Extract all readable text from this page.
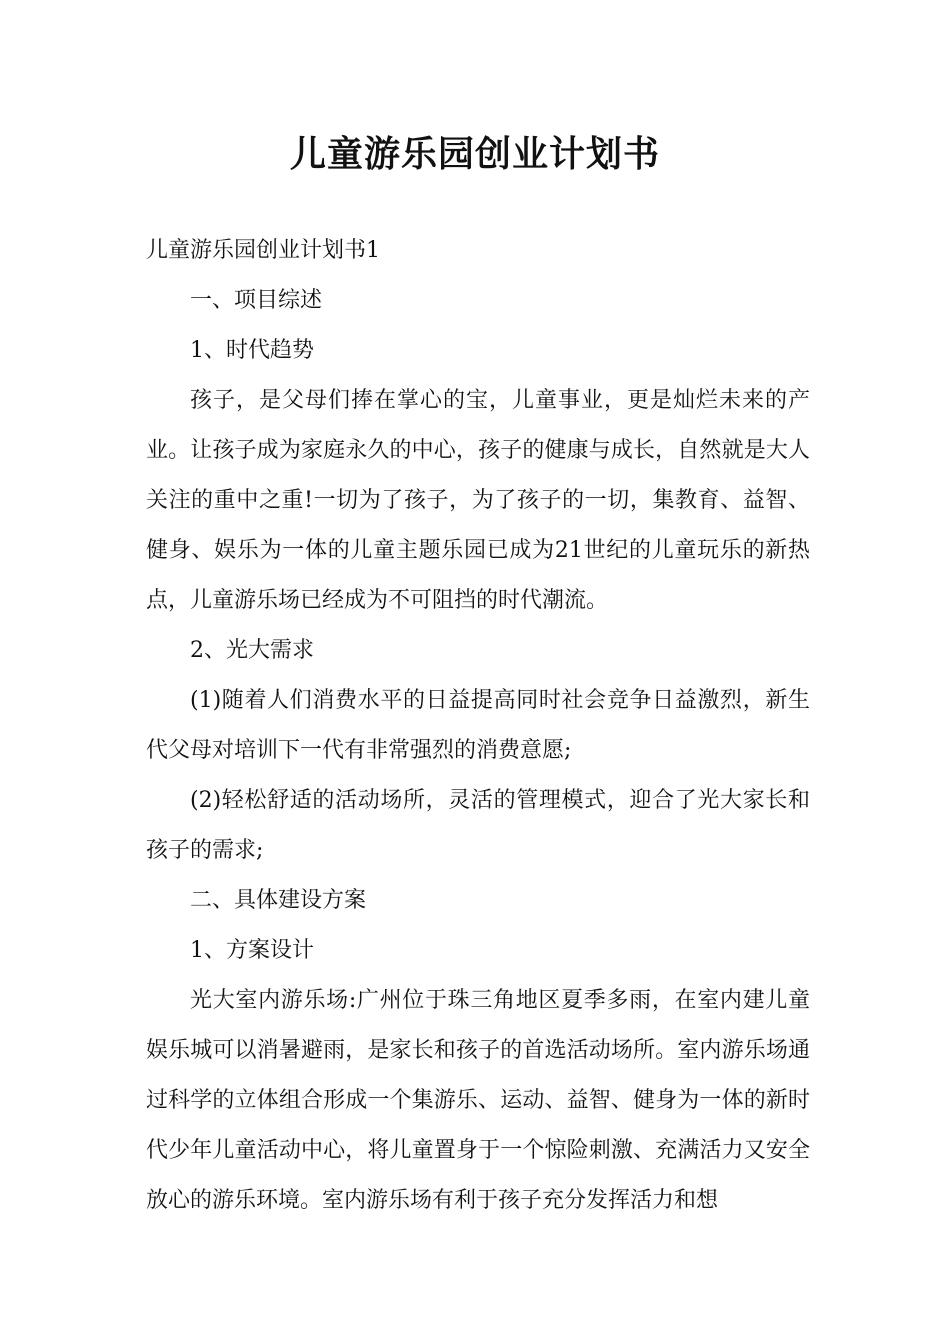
儿童游乐园创业计划书

儿童游乐园创业计划书1

一、项目综述

1、时代趋势

孩子，是父母们捧在掌心的宝，儿童事业，更是灿烂未来的产业。让孩子成为家庭永久的中心，孩子的健康与成长，自然就是大人关注的重中之重!一切为了孩子，为了孩子的一切，集教育、益智、健身、娱乐为一体的儿童主题乐园已成为21世纪的儿童玩乐的新热点，儿童游乐场已经成为不可阻挡的时代潮流。

2、光大需求

(1)随着人们消费水平的日益提高同时社会竞争日益激烈，新生代父母对培训下一代有非常强烈的消费意愿;

(2)轻松舒适的活动场所，灵活的管理模式，迎合了光大家长和孩子的需求;

二、具体建设方案

1、方案设计

光大室内游乐场:广州位于珠三角地区夏季多雨，在室内建儿童娱乐城可以消暑避雨，是家长和孩子的首选活动场所。室内游乐场通过科学的立体组合形成一个集游乐、运动、益智、健身为一体的新时代少年儿童活动中心，将儿童置身于一个惊险刺激、充满活力又安全放心的游乐环境。室内游乐场有利于孩子充分发挥活力和想
